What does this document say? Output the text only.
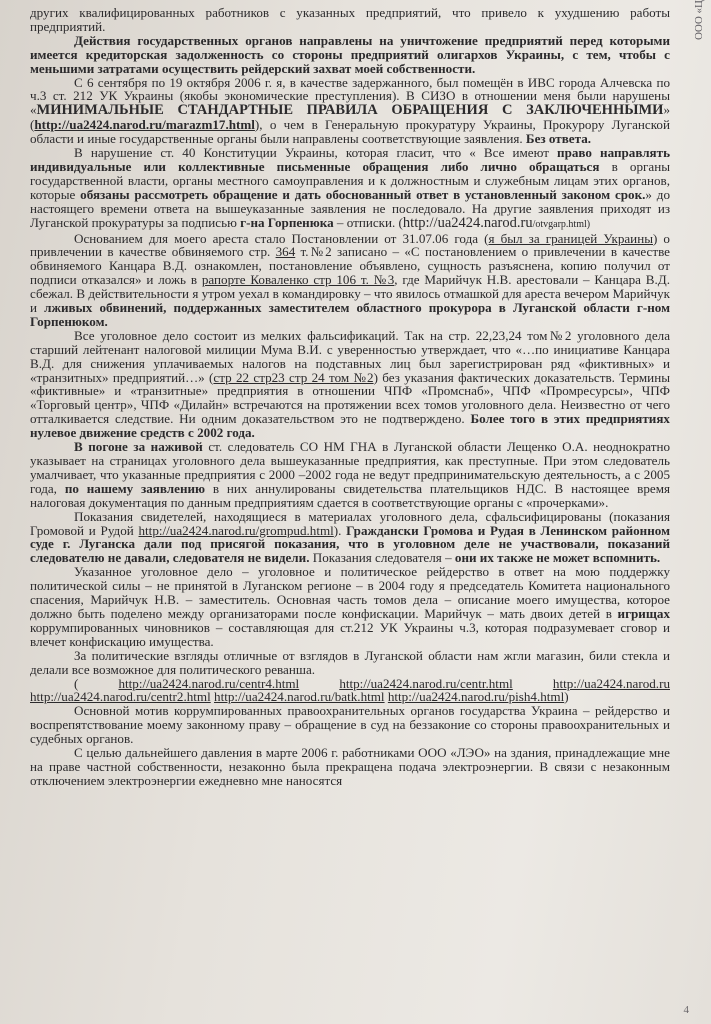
ООО «Ц

других квалифицированных работников с указанных предприятий, что привело к ухудшению работы предприятий.

Действия государственных органов направлены на уничтожение предприятий перед которыми имеется кредиторская задолженность со стороны предприятий олигархов Украины, с тем, чтобы с меньшими затратами осуществить рейдерский захват моей собственности.

С 6 сентября по 19 октября 2006 г. я, в качестве задержанного, был помещён в ИВС города Алчевска по ч.3 ст. 212 УК Украины (якобы экономические преступления). В СИЗО в отношении меня были нарушены «МИНИМАЛЬНЫЕ СТАНДАРТНЫЕ ПРАВИЛА ОБРАЩЕНИЯ С ЗАКЛЮЧЕННЫМИ» (http://ua2424.narod.ru/marazm17.html), о чем в Генеральную прокуратуру Украины, Прокурору Луганской области и иные государственные органы были направлены соответствующие заявления. Без ответа.

В нарушение ст. 40 Конституции Украины, которая гласит, что « Все имеют право направлять индивидуальные или коллективные письменные обращения либо лично обращаться в органы государственной власти, органы местного самоуправления и к должностным и служебным лицам этих органов, которые обязаны рассмотреть обращение и дать обоснованный ответ в установленный законом срок.» до настоящего времени ответа на вышеуказанные заявления не последовало. На другие заявления приходят из Луганской прокуратуры за подписью г-на Горпенюка – отписки. (http://ua2424.narod.ru/otvgarp.html)

Основанием для моего ареста стало Постановлении от 31.07.06 года (я был за границей Украины) о привлечении в качестве обвиняемого стр. 364 т.№2 записано – «С постановлением о привлечении в качестве обвиняемого Канцара В.Д. ознакомлен, постановление объявлено, сущность разъяснена, копию получил от подписи отказался» и ложь в рапорте Коваленко стр 106 т. №3, где Марийчук Н.В. арестовали – Канцара В.Д. сбежал. В действительности я утром уехал в командировку – что явилось отмашкой для ареста вечером Марийчук и лживых обвинений, поддержанных заместителем областного прокурора в Луганской области г-ном Горпенюком.

Все уголовное дело состоит из мелких фальсификаций. Так на стр. 22,23,24 том№2 уголовного дела старший лейтенант налоговой милиции Мума В.И. с уверенностью утверждает, что «…по инициативе Канцара В.Д. для снижения уплачиваемых налогов на подставных лиц был зарегистрирован ряд «фиктивных» и «транзитных» предприятий…» (стр 22 стр23 стр 24 том №2) без указания фактических доказательств. Термины «фиктивные» и «транзитные» предприятия в отношении ЧПФ «Промснаб», ЧПФ «Промресурсы», ЧПФ «Торговый центр», ЧПФ «Дилайн» встречаются на протяжении всех томов уголовного дела. Неизвестно от чего отталкивается следствие. Ни одним доказательством это не подтверждено. Более того в этих предприятиях нулевое движение средств с 2002 года.

В погоне за наживой ст. следователь СО НМ ГНА в Луганской области Лещенко О.А. неоднократно указывает на страницах уголовного дела вышеуказанные предприятия, как преступные. При этом следователь умалчивает, что указанные предприятия с 2000 –2002 года не ведут предпринимательскую деятельность, а с 2005 года, по нашему заявлению в них аннулированы свидетельства плательщиков НДС. В настоящее время налоговая документация по данным предприятиям сдается в соответствующие органы с «прочерками».

Показания свидетелей, находящиеся в материалах уголовного дела, сфальсифицированы (показания Громовой и Рудой http://ua2424.narod.ru/grompud.html). Граждански Громова и Рудая в Ленинском районном суде г. Луганска дали под присягой показания, что в уголовном деле не участвовали, показаний следователю не давали, следователя не видели. Показания следователя – они их также не может вспомнить.

Указанное уголовное дело – уголовное и политическое рейдерство в ответ на мою поддержку политической силы – не принятой в Луганском регионе – в 2004 году я председатель Комитета национального спасения, Марийчук Н.В. – заместитель. Основная часть томов дела – описание моего имущества, которое должно быть поделено между организаторами после конфискации. Марийчук – мать двоих детей в игрищах коррумпированных чиновников – составляющая для ст.212 УК Украины ч.3, которая подразумевает сговор и влечет конфискацию имущества.

За политические взгляды отличные от взглядов в Луганской области нам жгли магазин, били стекла и делали все возможное для политического реванша.

( http://ua2424.narod.ru/centr4.html	http://ua2424.narod.ru/centr.html	http://ua2424.narod.ru http://ua2424.narod.ru/centr2.html http://ua2424.narod.ru/batk.html http://ua2424.narod.ru/pish4.html)

Основной мотив коррумпированных правоохранительных органов государства Украина – рейдерство и воспрепятствование моему законному праву – обращение в суд на беззаконие со стороны правоохранительных и судебных органов.

С целью дальнейшего давления в марте 2006 г. работниками ООО «ЛЭО» на здания, принадлежащие мне на праве частной собственности, незаконно была прекращена подача электроэнергии. В связи с незаконным отключением электроэнергии ежедневно мне наносятся

4
